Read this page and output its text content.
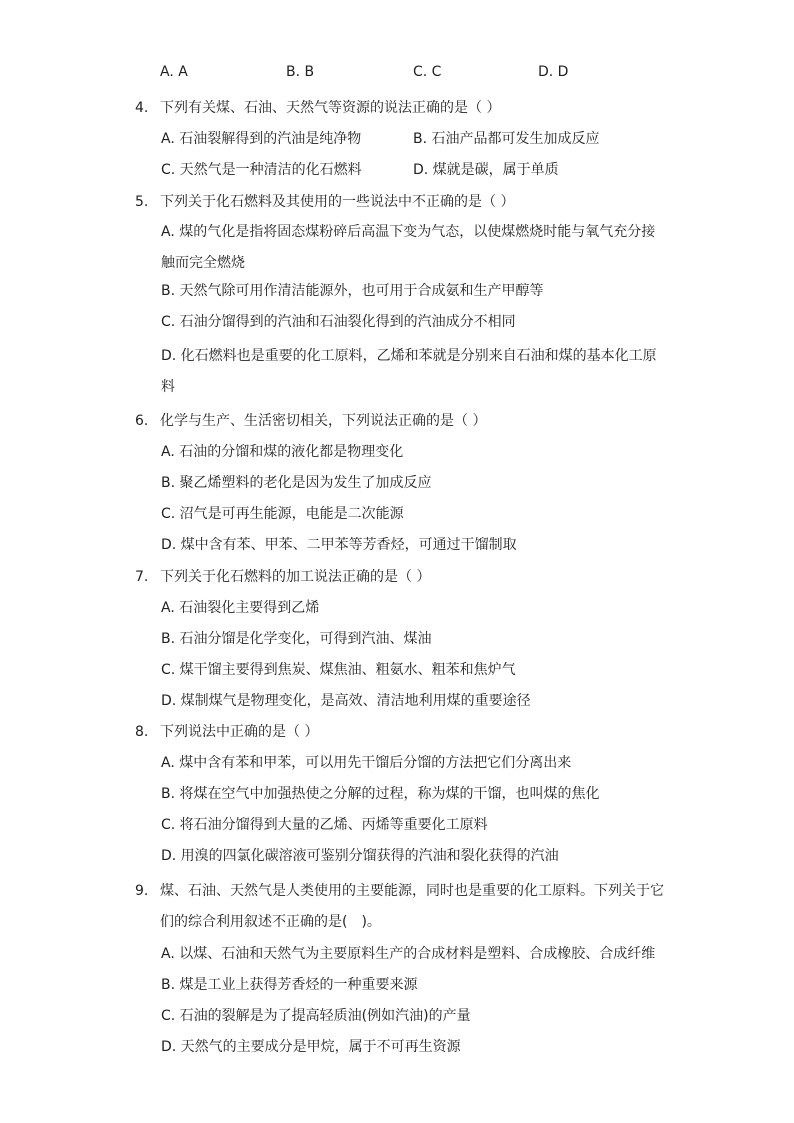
A. A	B. B	C. C	D. D
4. 下列有关煤、石油、天然气等资源的说法正确的是（ ）
A. 石油裂解得到的汽油是纯净物	B. 石油产品都可发生加成反应
C. 天然气是一种清洁的化石燃料	D. 煤就是碳，属于单质
5. 下列关于化石燃料及其使用的一些说法中不正确的是（ ）
A. 煤的气化是指将固态煤粉碎后高温下变为气态，以使煤燃烧时能与氧气充分接触而完全燃烧
B. 天然气除可用作清洁能源外，也可用于合成氨和生产甲醇等
C. 石油分馏得到的汽油和石油裂化得到的汽油成分不相同
D. 化石燃料也是重要的化工原料，乙烯和苯就是分别来自石油和煤的基本化工原料
6. 化学与生产、生活密切相关，下列说法正确的是（ ）
A. 石油的分馏和煤的液化都是物理变化
B. 聚乙烯塑料的老化是因为发生了加成反应
C. 沼气是可再生能源，电能是二次能源
D. 煤中含有苯、甲苯、二甲苯等芳香烃，可通过干馏制取
7. 下列关于化石燃料的加工说法正确的是（ ）
A. 石油裂化主要得到乙烯
B. 石油分馏是化学变化，可得到汽油、煤油
C. 煤干馏主要得到焦炭、煤焦油、粗氨水、粗苯和焦炉气
D. 煤制煤气是物理变化，是高效、清洁地利用煤的重要途径
8. 下列说法中正确的是（ ）
A. 煤中含有苯和甲苯，可以用先干馏后分馏的方法把它们分离出来
B. 将煤在空气中加强热使之分解的过程，称为煤的干馏，也叫煤的焦化
C. 将石油分馏得到大量的乙烯、丙烯等重要化工原料
D. 用溴的四氯化碳溶液可鉴别分馏获得的汽油和裂化获得的汽油
9. 煤、石油、天然气是人类使用的主要能源，同时也是重要的化工原料。下列关于它们的综合利用叙述不正确的是(　)。
A. 以煤、石油和天然气为主要原料生产的合成材料是塑料、合成橡胶、合成纤维
B. 煤是工业上获得芳香烃的一种重要来源
C. 石油的裂解是为了提高轻质油(例如汽油)的产量
D. 天然气的主要成分是甲烷，属于不可再生资源
